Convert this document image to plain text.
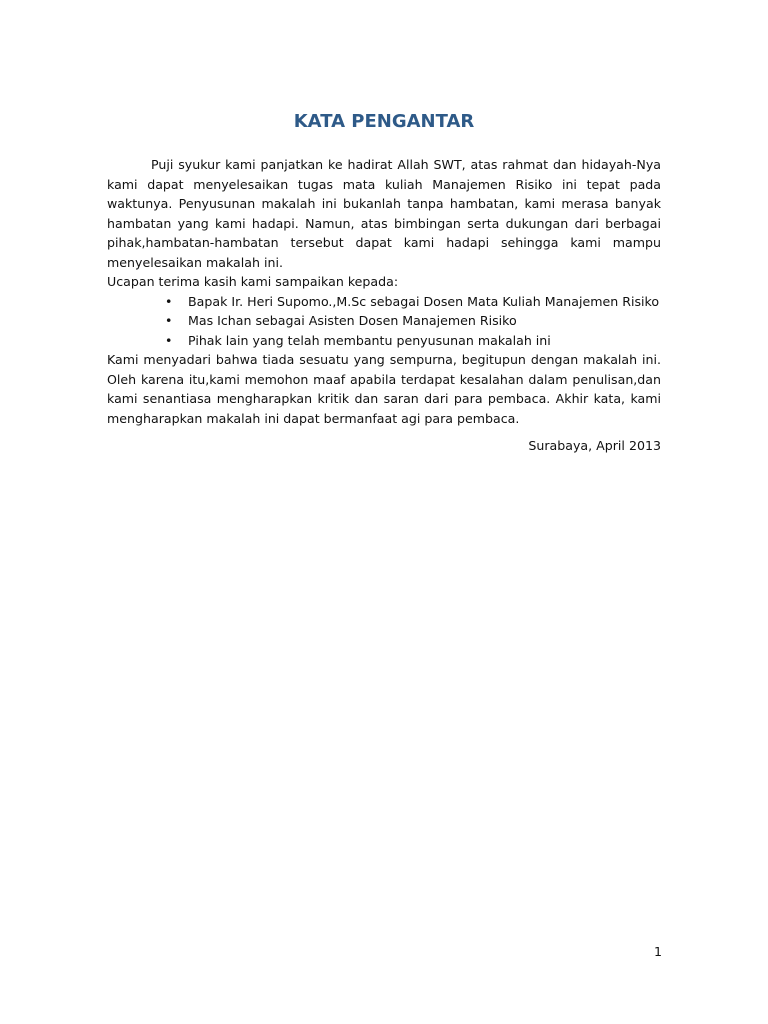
KATA PENGANTAR

Puji syukur kami panjatkan ke hadirat Allah SWT, atas rahmat dan hidayah-Nya kami dapat menyelesaikan tugas mata kuliah Manajemen Risiko ini tepat pada waktunya. Penyusunan makalah ini bukanlah tanpa hambatan, kami merasa banyak hambatan yang kami hadapi. Namun, atas bimbingan serta dukungan dari berbagai pihak,hambatan-hambatan tersebut dapat kami hadapi sehingga kami mampu menyelesaikan makalah ini.

Ucapan terima kasih kami sampaikan kepada:

• Bapak Ir. Heri Supomo.,M.Sc sebagai Dosen Mata Kuliah Manajemen Risiko
• Mas Ichan sebagai Asisten Dosen Manajemen Risiko
• Pihak lain yang telah membantu penyusunan makalah ini

Kami menyadari bahwa tiada sesuatu yang sempurna, begitupun dengan makalah ini. Oleh karena itu,kami memohon maaf apabila terdapat kesalahan dalam penulisan,dan kami senantiasa mengharapkan kritik dan saran dari para pembaca. Akhir kata, kami mengharapkan makalah ini dapat bermanfaat agi para pembaca.

Surabaya, April 2013

1
